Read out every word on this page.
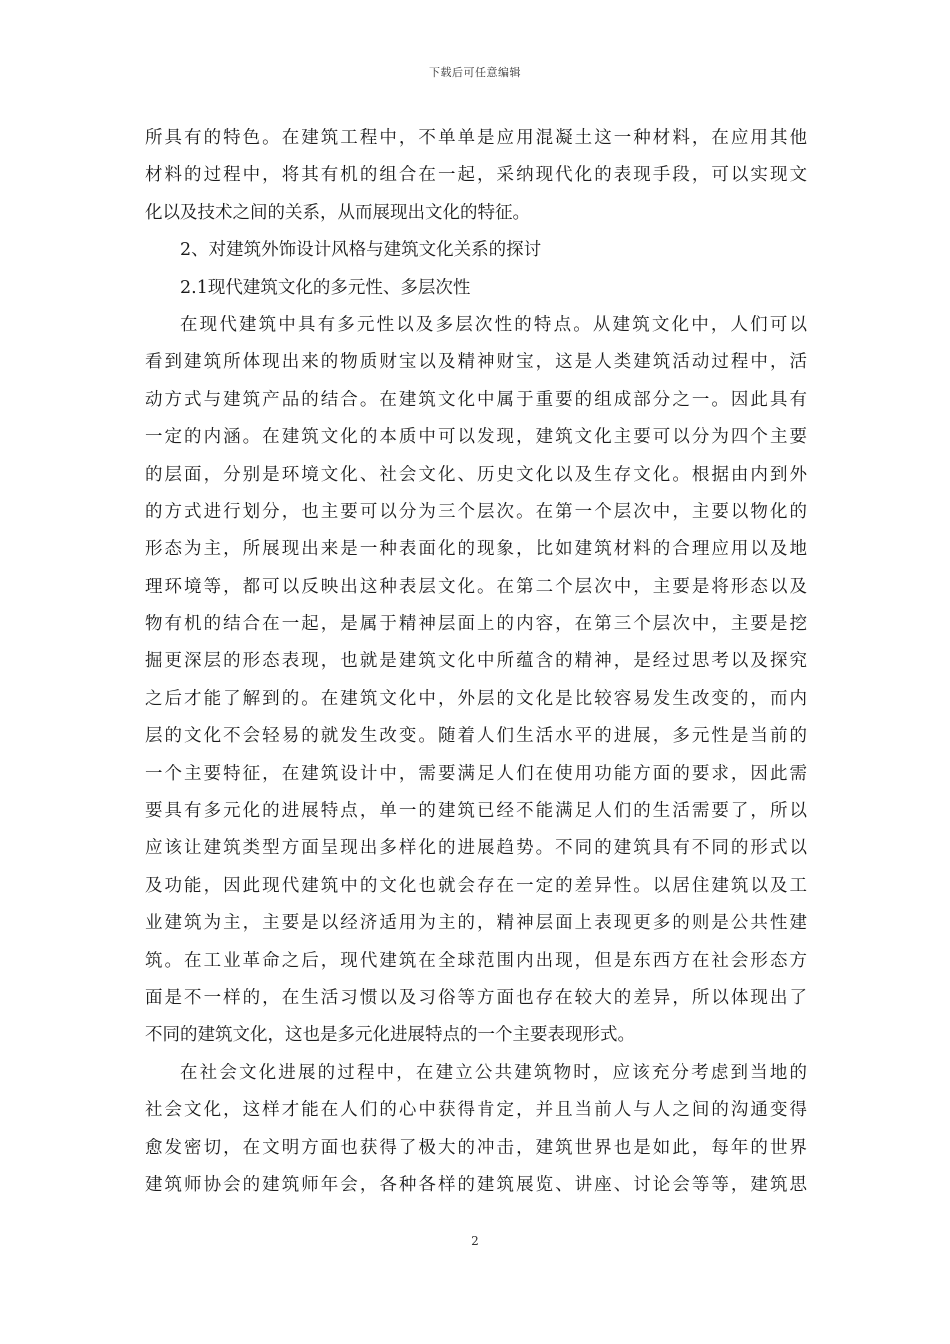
下载后可任意编辑
所具有的特色。在建筑工程中，不单单是应用混凝土这一种材料，在应用其他
材料的过程中，将其有机的组合在一起，采纳现代化的表现手段，可以实现文
化以及技术之间的关系，从而展现出文化的特征。
2、对建筑外饰设计风格与建筑文化关系的探讨
2.1现代建筑文化的多元性、多层次性
在现代建筑中具有多元性以及多层次性的特点。从建筑文化中，人们可以
看到建筑所体现出来的物质财宝以及精神财宝，这是人类建筑活动过程中，活
动方式与建筑产品的结合。在建筑文化中属于重要的组成部分之一。因此具有
一定的内涵。在建筑文化的本质中可以发现，建筑文化主要可以分为四个主要
的层面，分别是环境文化、社会文化、历史文化以及生存文化。根据由内到外
的方式进行划分，也主要可以分为三个层次。在第一个层次中，主要以物化的
形态为主，所展现出来是一种表面化的现象，比如建筑材料的合理应用以及地
理环境等，都可以反映出这种表层文化。在第二个层次中，主要是将形态以及
物有机的结合在一起，是属于精神层面上的内容，在第三个层次中，主要是挖
掘更深层的形态表现，也就是建筑文化中所蕴含的精神，是经过思考以及探究
之后才能了解到的。在建筑文化中，外层的文化是比较容易发生改变的，而内
层的文化不会轻易的就发生改变。随着人们生活水平的进展，多元性是当前的
一个主要特征，在建筑设计中，需要满足人们在使用功能方面的要求，因此需
要具有多元化的进展特点，单一的建筑已经不能满足人们的生活需要了，所以
应该让建筑类型方面呈现出多样化的进展趋势。不同的建筑具有不同的形式以
及功能，因此现代建筑中的文化也就会存在一定的差异性。以居住建筑以及工
业建筑为主，主要是以经济适用为主的，精神层面上表现更多的则是公共性建
筑。在工业革命之后，现代建筑在全球范围内出现，但是东西方在社会形态方
面是不一样的，在生活习惯以及习俗等方面也存在较大的差异，所以体现出了
不同的建筑文化，这也是多元化进展特点的一个主要表现形式。
在社会文化进展的过程中，在建立公共建筑物时，应该充分考虑到当地的
社会文化，这样才能在人们的心中获得肯定，并且当前人与人之间的沟通变得
愈发密切，在文明方面也获得了极大的冲击，建筑世界也是如此，每年的世界
建筑师协会的建筑师年会，各种各样的建筑展览、讲座、讨论会等等，建筑思
2
